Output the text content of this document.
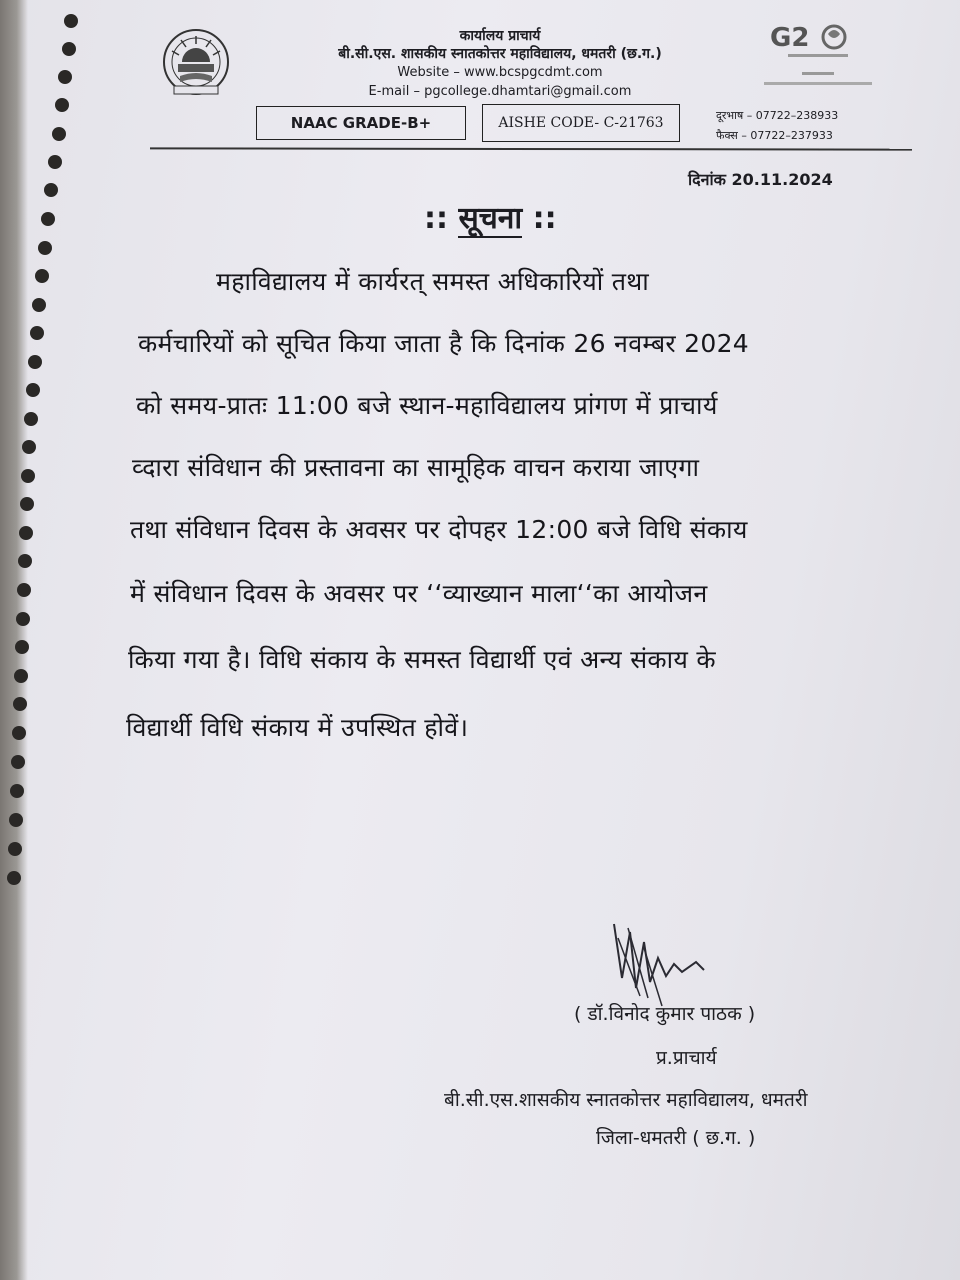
कार्यालय प्राचार्य
बी.सी.एस. शासकीय स्नातकोत्तर महाविद्यालय, धमतरी (छ.ग.)
Website – www.bcspgcdmt.com
E-mail – pgcollege.dhamtari@gmail.com
G2
NAAC GRADE-B+	AISHE CODE- C-21763	दूरभाष – 07722–238933
फैक्स – 07722–237933
दिनांक 20.11.2024
:: सूचना ::
महाविद्यालय में कार्यरत् समस्त अधिकारियों तथा
कर्मचारियों को सूचित किया जाता है कि दिनांक 26 नवम्बर 2024
को समय-प्रातः 11:00 बजे स्थान-महाविद्यालय प्रांगण में प्राचार्य
व्दारा संविधान की प्रस्तावना का सामूहिक वाचन कराया जाएगा
तथा संविधान दिवस के अवसर पर दोपहर 12:00 बजे विधि संकाय
में संविधान दिवस के अवसर पर ‘‘व्याख्यान माला‘‘का आयोजन
किया गया है। विधि संकाय के समस्त विद्यार्थी एवं अन्य संकाय के
विद्यार्थी विधि संकाय में उपस्थित होवें।
( डॉ.विनोद कुमार पाठक )
प्र.प्राचार्य
बी.सी.एस.शासकीय स्नातकोत्तर महाविद्यालय, धमतरी
जिला-धमतरी ( छ.ग. )
